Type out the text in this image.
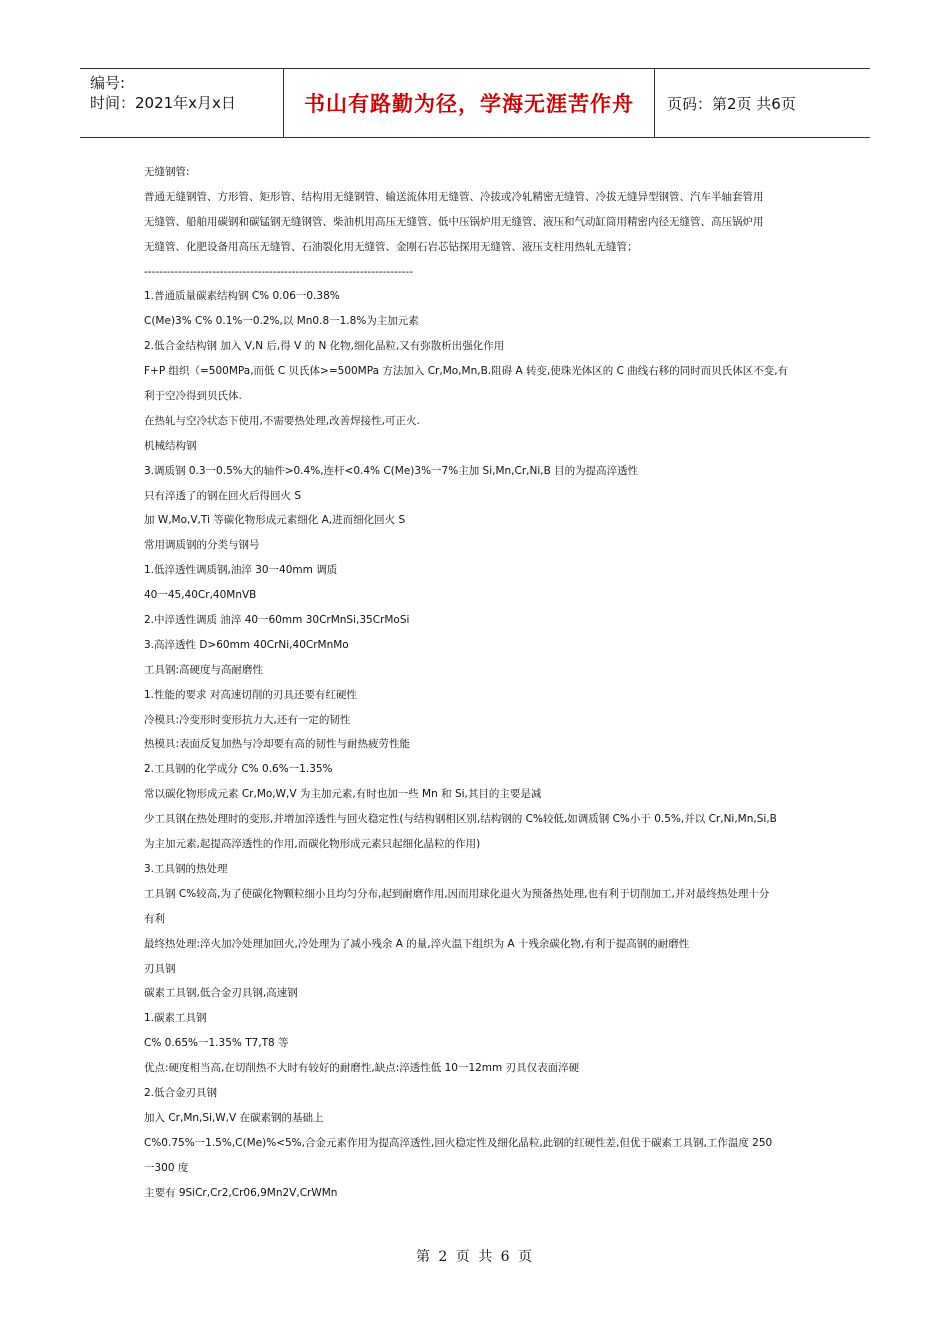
编号:
时间：2021年x月x日	书山有路勤为径，学海无涯苦作舟 页码：第2页 共6页
无缝钢管:
普通无缝钢管、方形管、矩形管、结构用无缝钢管、输送流体用无缝管、冷拔或冷轧精密无缝管、冷拔无缝异型钢管、汽车半轴套管用
无缝管、船舶用碳钢和碳锰钢无缝钢管、柴油机用高压无缝管、低中压锅炉用无缝管、液压和气动缸筒用精密内径无缝管、高压锅炉用
无缝管、化肥设备用高压无缝管、石油裂化用无缝管、金刚石岩芯钻探用无缝管、液压支柱用热轧无缝管；
-----------------------------------------------------------------------
1.普通质量碳素结构钢 C% 0.06一0.38%
C(Me)3% C% 0.1%一0.2%,以 Mn0.8一1.8%为主加元素
2.低合金结构钢 加入 V,N 后,得 V 的 N 化物,细化晶粒,又有弥散析出强化作用
F+P 组织（=500MPa,而低 C 贝氏体>=500MPa 方法加入 Cr,Mo,Mn,B.阻碍 A 转变,使珠光体区的 C 曲线右移的同时而贝氏体区不变,有
利于空冷得到贝氏体.
在热轧与空冷状态下使用,不需要热处理,改善焊接性,可正火.
机械结构钢
3.调质钢 0.3一0.5%大的轴件>0.4%,连杆<0.4% C(Me)3%一7%主加 Si,Mn,Cr,Ni,B 目的为提高淬透性
只有淬透了的钢在回火后得回火 S
加 W,Mo,V,Ti 等碳化物形成元素细化 A,进而细化回火 S
常用调质钢的分类与钢号
1.低淬透性调质钢,油淬 30一40mm 调质
40一45,40Cr,40MnVB
2.中淬透性调质 油淬 40一60mm 30CrMnSi,35CrMoSi
3.高淬透性 D>60mm 40CrNi,40CrMnMo
工具钢:高硬度与高耐磨性
1.性能的要求 对高速切削的刃具还要有红硬性
冷模具:冷变形时变形抗力大,还有一定的韧性
热模具:表面反复加热与冷却要有高的韧性与耐热疲劳性能
2.工具钢的化学成分 C% 0.6%一1.35%
常以碳化物形成元素 Cr,Mo,W,V 为主加元素,有时也加一些 Mn 和 Si,其目的主要是减
少工具钢在热处理时的变形,并增加淬透性与回火稳定性(与结构钢相区别,结构钢的 C%较低,如调质钢 C%小于 0.5%,并以 Cr,Ni,Mn,Si,B
为主加元素,起提高淬透性的作用,而碳化物形成元素只起细化晶粒的作用)
3.工具钢的热处理
工具钢 C%较高,为了使碳化物颗粒细小且均匀分布,起到耐磨作用,因而用球化退火为预备热处理,也有利于切削加工,并对最终热处理十分
有利
最终热处理:淬火加冷处理加回火,冷处理为了减小残余 A 的量,淬火温下组织为 A 十残余碳化物,有利于提高钢的耐磨性
刃具钢
碳素工具钢,低合金刃具钢,高速钢
1.碳素工具钢
C% 0.65%一1.35% T7,T8 等
优点:硬度相当高,在切削热不大时有较好的耐磨性,缺点:淬透性低 10一12mm 刃具仅表面淬硬
2.低合金刃具钢
加入 Cr,Mn,Si,W,V 在碳素钢的基础上
C%0.75%一1.5%,C(Me)%<5%,合金元素作用为提高淬透性,回火稳定性及细化晶粒,此钢的红硬性差,但优于碳素工具钢,工作温度 250
一300 度
主要有 9SiCr,Cr2,Cr06,9Mn2V,CrWMn
第 2 页 共 6 页
